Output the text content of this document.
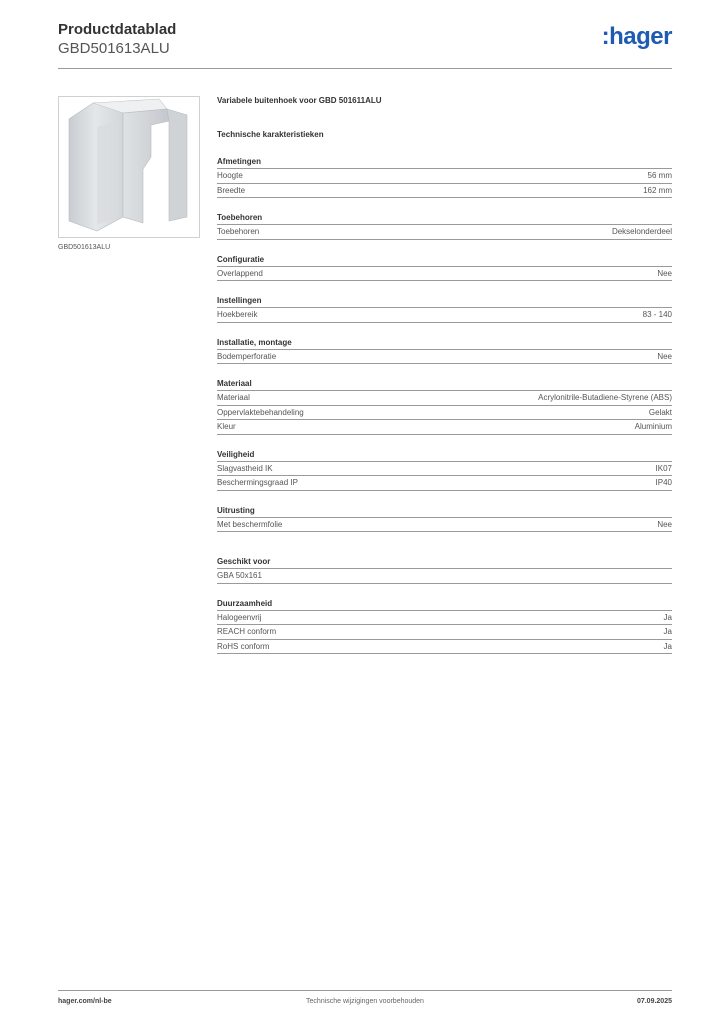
Productdatablad
GBD501613ALU	:hager
GBD501613ALU
Variabele buitenhoek voor GBD 501611ALU
Technische karakteristieken
Afmetingen
Hoogte	56 mm
Breedte	162 mm
Toebehoren
Toebehoren	Dekselonderdeel
Configuratie
Overlappend	Nee
Instellingen
Hoekbereik	83 - 140
Installatie, montage
Bodemperforatie	Nee
Materiaal
Materiaal	Acrylonitrile-Butadiene-Styrene (ABS)
Oppervlaktebehandeling	Gelakt
Kleur	Aluminium
Veiligheid
Slagvastheid IK	IK07
Beschermingsgraad IP	IP40
Uitrusting
Met beschermfolie	Nee
Geschikt voor
GBA 50x161
Duurzaamheid
Halogeenvrij	Ja
REACH conform	Ja
RoHS conform	Ja
hager.com/nl-be	Technische wijzigingen voorbehouden	07.09.2025
